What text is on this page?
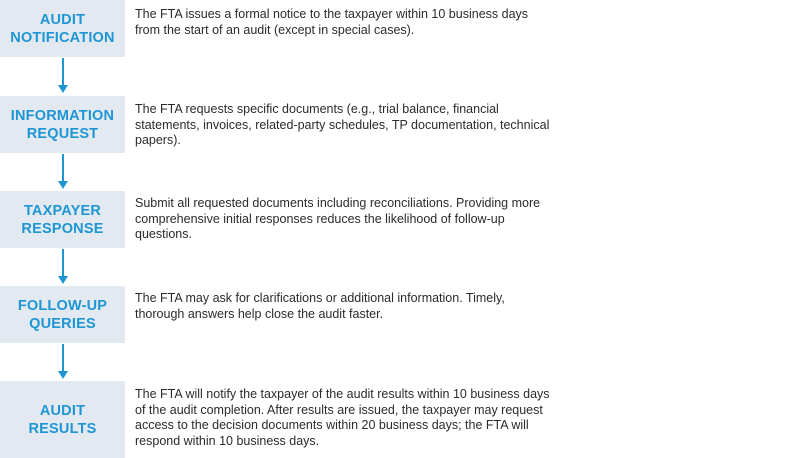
AUDIT
NOTIFICATION

The FTA issues a formal notice to the taxpayer within 10 business days from the start of an audit (except in special cases).

INFORMATION
REQUEST

The FTA requests specific documents (e.g., trial balance, financial statements, invoices, related-party schedules, TP documentation, technical papers).

TAXPAYER
RESPONSE

Submit all requested documents including reconciliations. Providing more comprehensive initial responses reduces the likelihood of follow-up questions.

FOLLOW-UP
QUERIES

The FTA may ask for clarifications or additional information. Timely, thorough answers help close the audit faster.

AUDIT
RESULTS

The FTA will notify the taxpayer of the audit results within 10 business days of the audit completion. After results are issued, the taxpayer may request access to the decision documents within 20 business days; the FTA will respond within 10 business days.
